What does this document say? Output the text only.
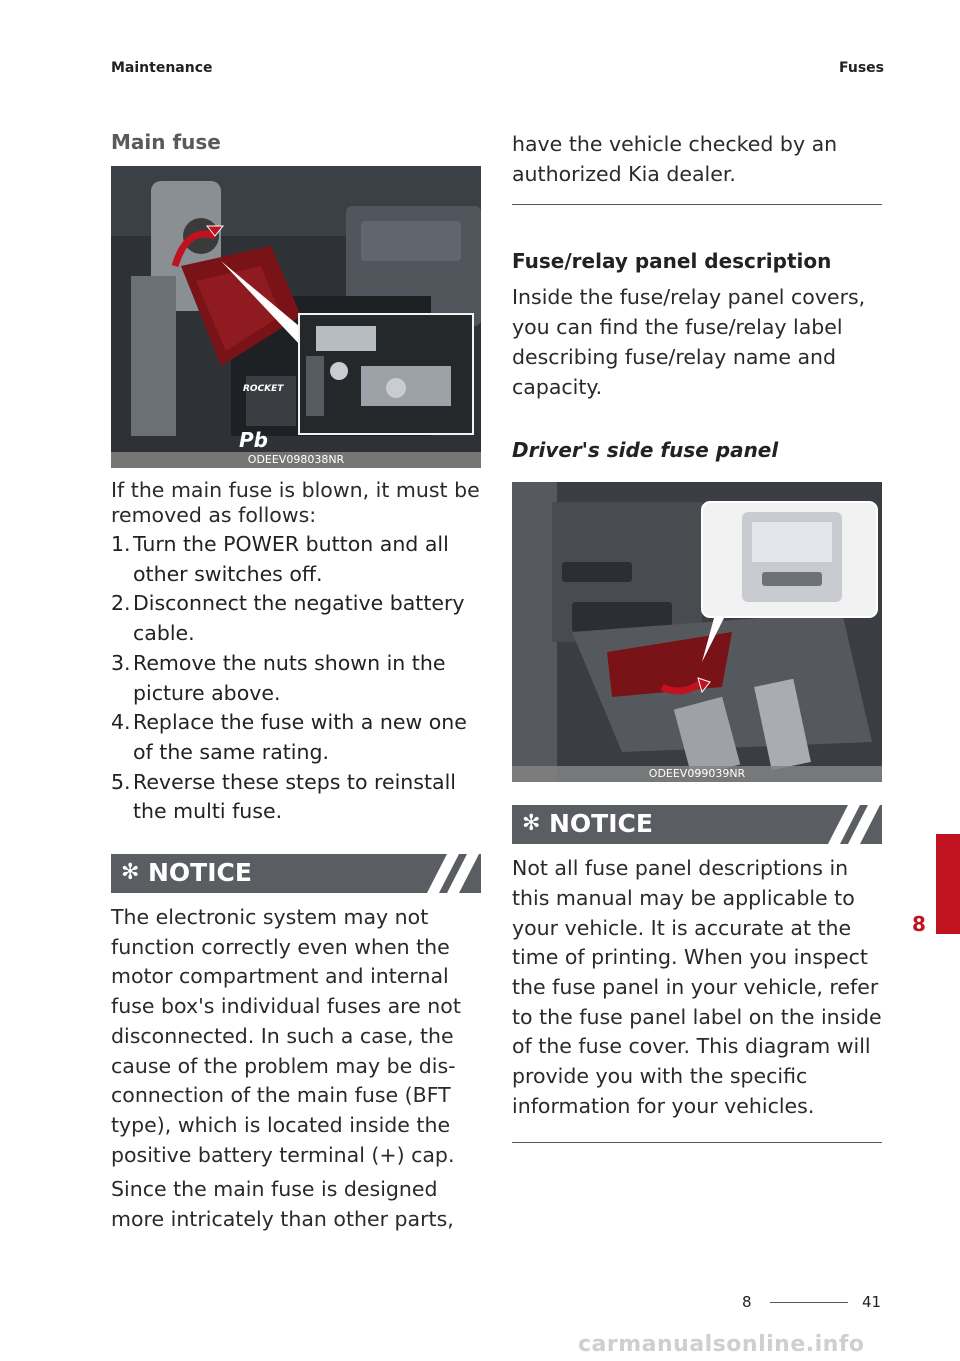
Maintenance	Fuses
Main fuse
ROCKET
Pb
ODEEV098038NR
If the main fuse is blown, it must be removed as follows:
1. Turn the POWER button and all other switches off.
2. Disconnect the negative battery cable.
3. Remove the nuts shown in the picture above.
4. Replace the fuse with a new one of the same rating.
5. Reverse these steps to reinstall the multi fuse.
✻ NOTICE
The electronic system may not function correctly even when the motor compartment and internal fuse box's individual fuses are not disconnected. In such a case, the cause of the problem may be dis-connection of the main fuse (BFT type), which is located inside the positive battery terminal (+) cap.
Since the main fuse is designed more intricately than other parts,
have the vehicle checked by an authorized Kia dealer.
Fuse/relay panel description
Inside the fuse/relay panel covers, you can find the fuse/relay label describing fuse/relay name and capacity.
Driver's side fuse panel
ODEEV099039NR
✻ NOTICE
Not all fuse panel descriptions in this manual may be applicable to your vehicle. It is accurate at the time of printing. When you inspect the fuse panel in your vehicle, refer to the fuse panel label on the inside of the fuse cover. This diagram will provide you with the specific information for your vehicles.
8
8	41
carmanualsonline.info
